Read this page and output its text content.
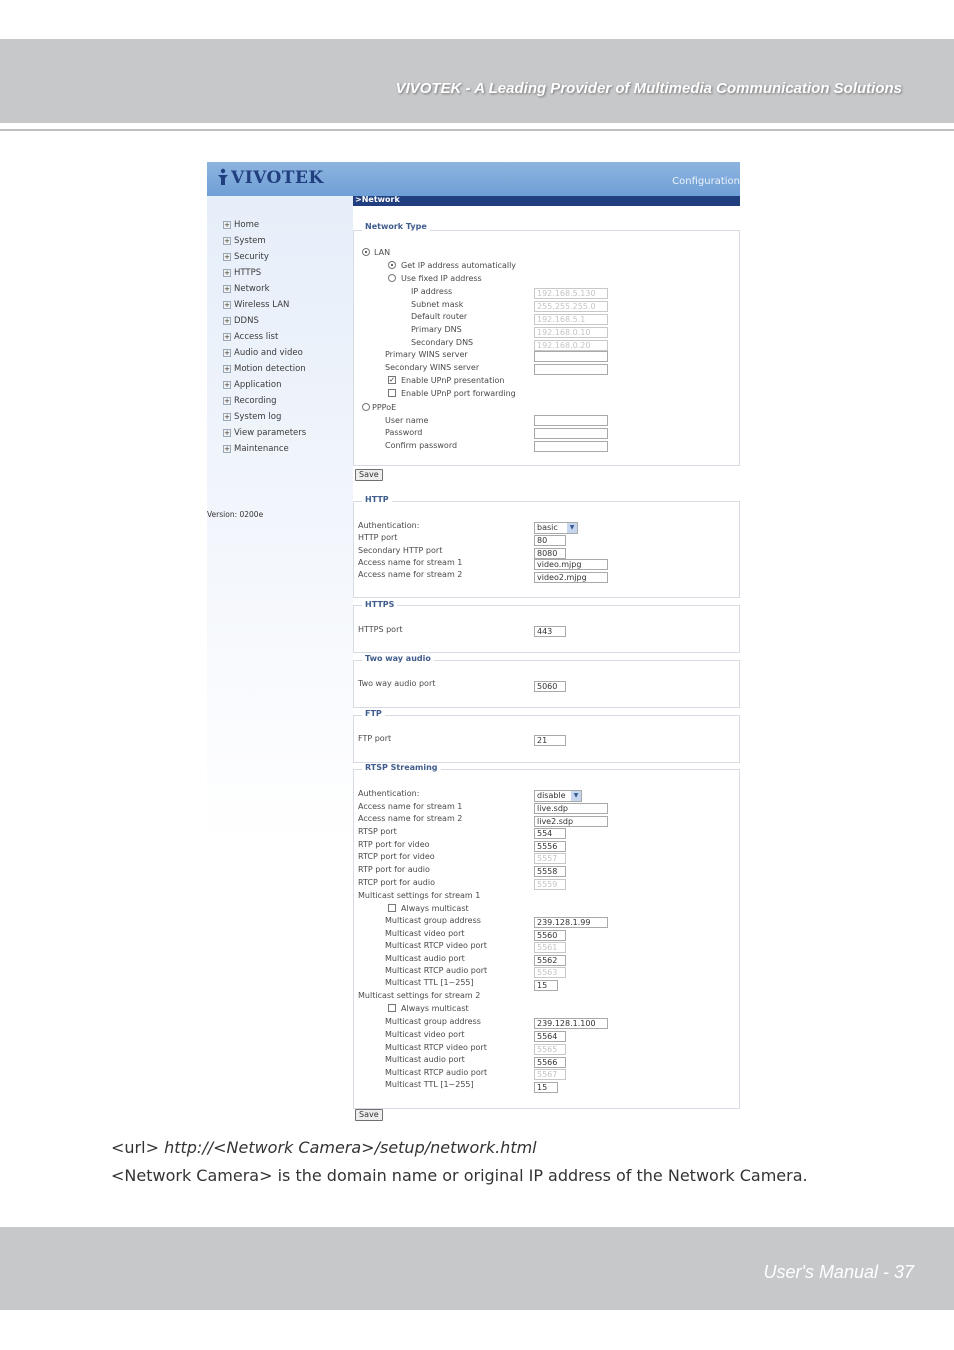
VIVOTEK - A Leading Provider of Multimedia Communication Solutions
VIVOTEK	Configuration
+ Home
+ System
+ Security
+ HTTPS
+ Network
+ Wireless LAN
+ DDNS
+ Access list
+ Audio and video
+ Motion detection
+ Application
+ Recording
+ System log
+ View parameters
+ Maintenance
Version: 0200e
>Network
Network Type
LAN
Get IP address automatically
Use fixed IP address
IP address	192.168.5.130
Subnet mask	255.255.255.0
Default router	192.168.5.1
Primary DNS	192.168.0.10
Secondary DNS	192.168.0.20
Primary WINS server
Secondary WINS server
✓ Enable UPnP presentation
Enable UPnP port forwarding
PPPoE
User name
Password
Confirm password
Save
HTTP
Authentication:	basic	▼
HTTP port	80
Secondary HTTP port	8080
Access name for stream 1	video.mjpg
Access name for stream 2	video2.mjpg
HTTPS
HTTPS port	443
Two way audio
Two way audio port	5060
FTP
FTP port	21
RTSP Streaming
Authentication:	disable	▼
Access name for stream 1	live.sdp
Access name for stream 2	live2.sdp
RTSP port	554
RTP port for video	5556
RTCP port for video	5557
RTP port for audio	5558
RTCP port for audio	5559
Multicast settings for stream 1
Always multicast
Multicast group address	239.128.1.99
Multicast video port	5560
Multicast RTCP video port	5561
Multicast audio port	5562
Multicast RTCP audio port	5563
Multicast TTL [1~255]	15
Multicast settings for stream 2
Always multicast
Multicast group address	239.128.1.100
Multicast video port	5564
Multicast RTCP video port	5565
Multicast audio port	5566
Multicast RTCP audio port	5567
Multicast TTL [1~255]	15
Save
<url> http://<Network Camera>/setup/network.html
<Network Camera> is the domain name or original IP address of the Network Camera.
User's Manual - 37
